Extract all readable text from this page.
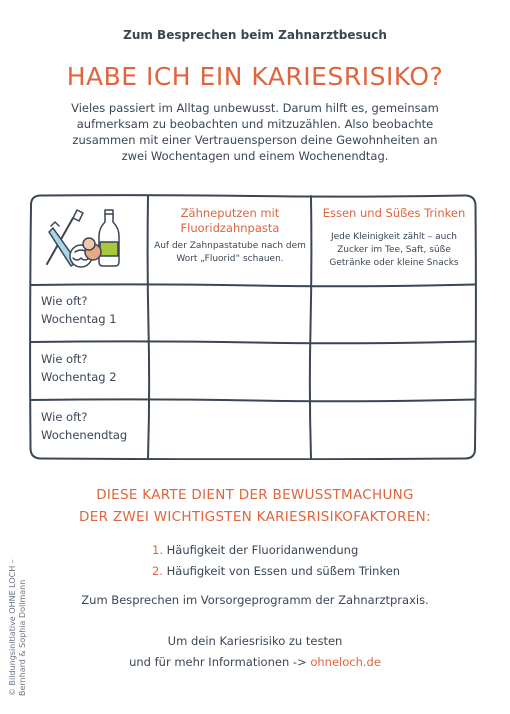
Zum Besprechen beim Zahnarztbesuch
HABE ICH EIN KARIESRISIKO?
Vieles passiert im Alltag unbewusst. Darum hilft es, gemeinsam aufmerksam zu beobachten und mitzuzählen. Also beobachte zusammen mit einer Vertrauensperson deine Gewohnheiten an zwei Wochentagen und einem Wochenendtag.
Zähneputzen mit Fluoridzahnpasta
Auf der Zahnpastatube nach dem Wort „Fluorid“ schauen.
Essen und Süßes Trinken
Jede Kleinigkeit zählt – auch Zucker im Tee, Saft, süße Getränke oder kleine Snacks
Wie oft?
Wochentag 1
Wie oft?
Wochentag 2
Wie oft?
Wochenendtag
DIESE KARTE DIENT DER BEWUSSTMACHUNG
DER ZWEI WICHTIGSTEN KARIESRISIKOFAKTOREN:
1. Häufigkeit der Fluoridanwendung
2. Häufigkeit von Essen und süßem Trinken
Zum Besprechen im Vorsorgeprogramm der Zahnarztpraxis.
Um dein Kariesrisiko zu testen
und für mehr Informationen -> ohneloch.de
© Bildungsinitiative OHNE LOCH – Bernhard & Sophia Dollmann
